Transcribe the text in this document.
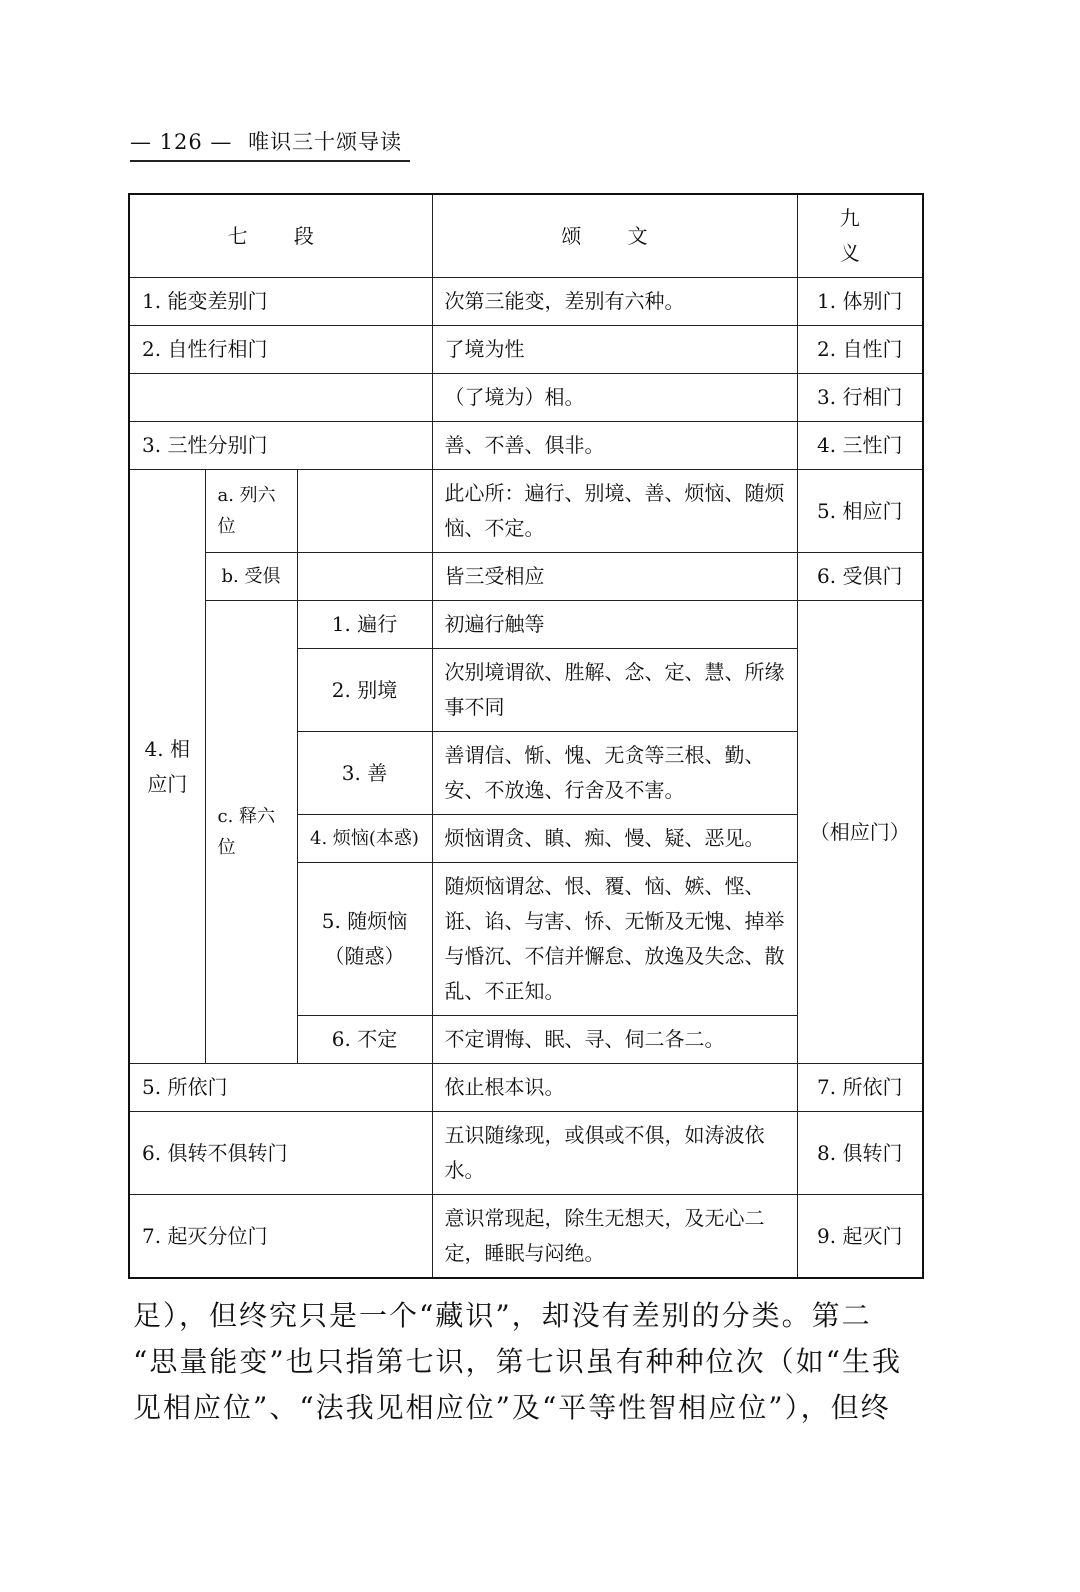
— 126 — 唯识三十颂导读
七 段			颂 文	九 义
1. 能变差别门			次第三能变，差别有六种。	1. 体别门
2. 自性行相门			了境为性	2. 自性门
			（了境为）相。	3. 行相门
3. 三性分别门			善、不善、俱非。	4. 三性门
4. 相应门	a. 列六位		此心所：遍行、别境、善、烦恼、随烦恼、不定。	5. 相应门
	b. 受俱		皆三受相应	6. 受俱门
	c. 释六位	1. 遍行	初遍行触等	（相应门）
		2. 别境	次别境谓欲、胜解、念、定、慧、所缘事不同	
		3. 善	善谓信、惭、愧、无贪等三根、勤、安、不放逸、行舍及不害。	
		4. 烦恼(本惑)	烦恼谓贪、瞋、痴、慢、疑、恶见。	
		5. 随烦恼（随惑）	随烦恼谓忿、恨、覆、恼、嫉、悭、诳、谄、与害、㤭、无惭及无愧、掉举与惛沉、不信并懈怠、放逸及失念、散乱、不正知。	
		6. 不定	不定谓悔、眠、寻、伺二各二。	
5. 所依门			依止根本识。	7. 所依门
6. 俱转不俱转门			五识随缘现，或俱或不俱，如涛波依水。	8. 俱转门
7. 起灭分位门			意识常现起，除生无想天，及无心二定，睡眠与闷绝。	9. 起灭门

足），但终究只是一个“藏识”，却没有差别的分类。第二

“思量能变”也只指第七识，第七识虽有种种位次（如“生我

见相应位”、“法我见相应位”及“平等性智相应位”），但终
